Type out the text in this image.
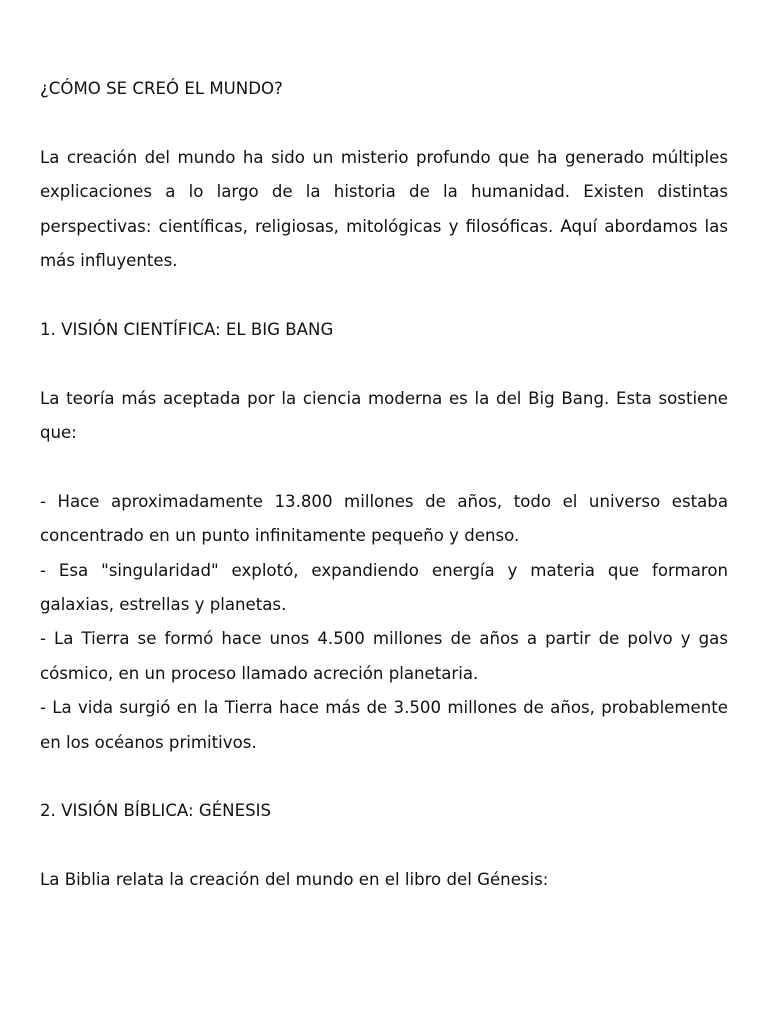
¿CÓMO SE CREÓ EL MUNDO?

La creación del mundo ha sido un misterio profundo que ha generado múltiples explicaciones a lo largo de la historia de la humanidad. Existen distintas perspectivas: científicas, religiosas, mitológicas y filosóficas. Aquí abordamos las más influyentes.

1. VISIÓN CIENTÍFICA: EL BIG BANG

La teoría más aceptada por la ciencia moderna es la del Big Bang. Esta sostiene que:

- Hace aproximadamente 13.800 millones de años, todo el universo estaba concentrado en un punto infinitamente pequeño y denso.

- Esa "singularidad" explotó, expandiendo energía y materia que formaron galaxias, estrellas y planetas.

- La Tierra se formó hace unos 4.500 millones de años a partir de polvo y gas cósmico, en un proceso llamado acreción planetaria.

- La vida surgió en la Tierra hace más de 3.500 millones de años, probablemente en los océanos primitivos.

2. VISIÓN BÍBLICA: GÉNESIS

La Biblia relata la creación del mundo en el libro del Génesis:
